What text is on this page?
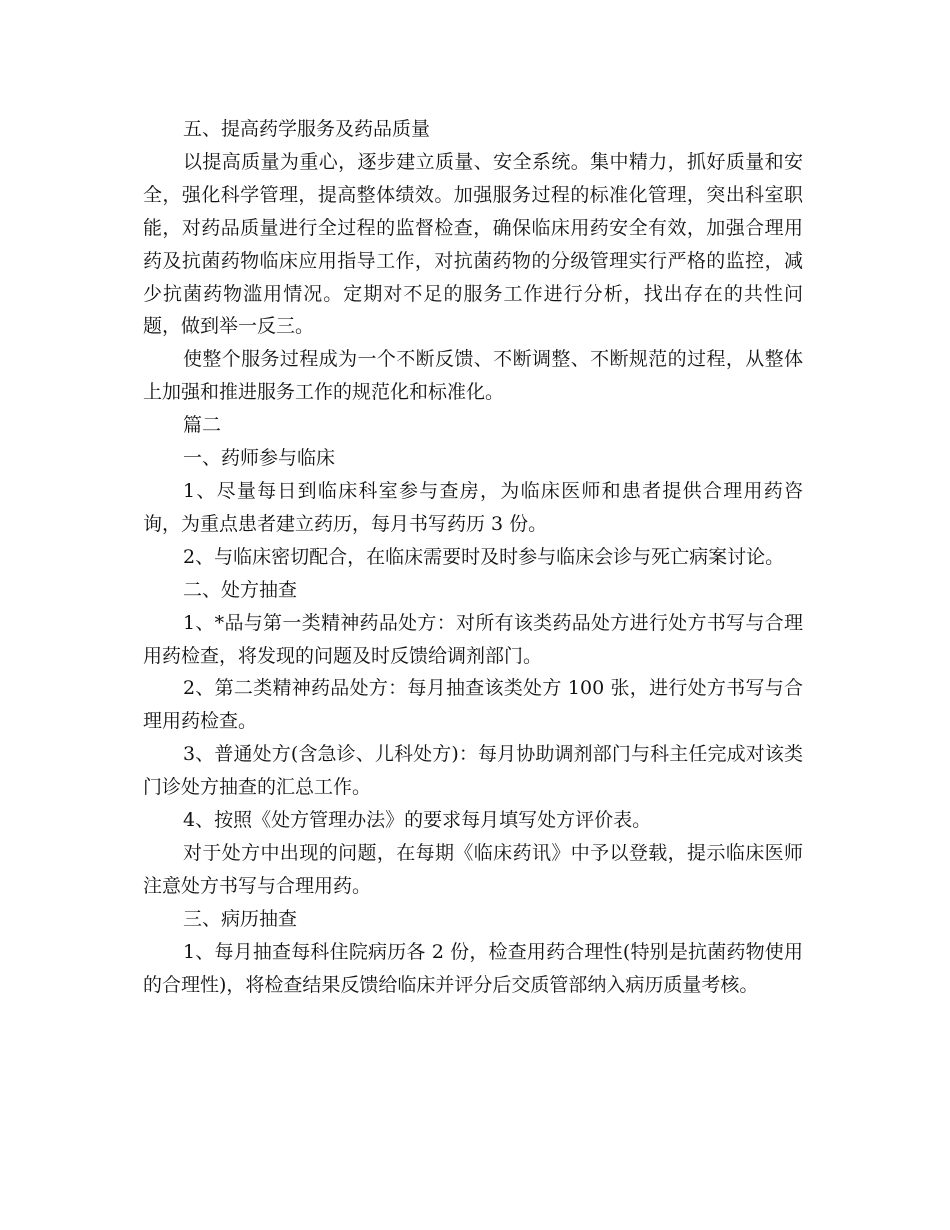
五、提高药学服务及药品质量

以提高质量为重心，逐步建立质量、安全系统。集中精力，抓好质量和安全，强化科学管理，提高整体绩效。加强服务过程的标准化管理，突出科室职能，对药品质量进行全过程的监督检查，确保临床用药安全有效，加强合理用药及抗菌药物临床应用指导工作，对抗菌药物的分级管理实行严格的监控，减少抗菌药物滥用情况。定期对不足的服务工作进行分析，找出存在的共性问题，做到举一反三。

使整个服务过程成为一个不断反馈、不断调整、不断规范的过程，从整体上加强和推进服务工作的规范化和标准化。

篇二

一、药师参与临床

1、尽量每日到临床科室参与查房，为临床医师和患者提供合理用药咨询，为重点患者建立药历，每月书写药历 3 份。

2、与临床密切配合，在临床需要时及时参与临床会诊与死亡病案讨论。

二、处方抽查

1、*品与第一类精神药品处方：对所有该类药品处方进行处方书写与合理用药检查，将发现的问题及时反馈给调剂部门。

2、第二类精神药品处方：每月抽查该类处方 100 张，进行处方书写与合理用药检查。

3、普通处方(含急诊、儿科处方)：每月协助调剂部门与科主任完成对该类门诊处方抽查的汇总工作。

4、按照《处方管理办法》的要求每月填写处方评价表。

对于处方中出现的问题，在每期《临床药讯》中予以登载，提示临床医师注意处方书写与合理用药。

三、病历抽查

1、每月抽查每科住院病历各 2 份，检查用药合理性(特别是抗菌药物使用的合理性)，将检查结果反馈给临床并评分后交质管部纳入病历质量考核。
